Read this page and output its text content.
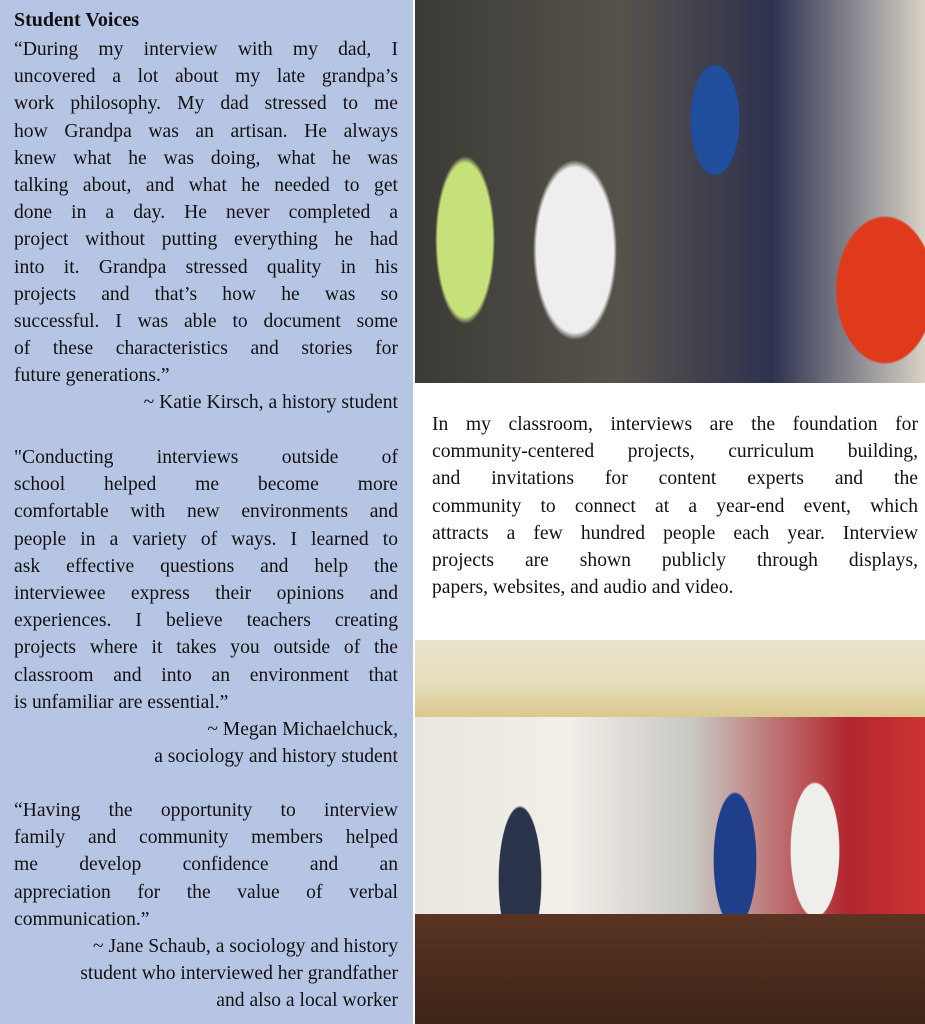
Student Voices
“During my interview with my dad, I
uncovered a lot about my late grandpa’s
work philosophy. My dad stressed to me
how Grandpa was an artisan. He always
knew what he was doing, what he was
talking about, and what he needed to get
done in a day. He never completed a
project without putting everything he had
into it. Grandpa stressed quality in his
projects and that’s how he was so
successful. I was able to document some
of these characteristics and stories for
future generations.”
~ Katie Kirsch, a history student
"Conducting interviews outside of
school helped me become more
comfortable with new environments and
people in a variety of ways. I learned to
ask effective questions and help the
interviewee express their opinions and
experiences. I believe teachers creating
projects where it takes you outside of the
classroom and into an environment that
is unfamiliar are essential.”
~ Megan Michaelchuck,
a sociology and history student
“Having the opportunity to interview
family and community members helped
me develop confidence and an
appreciation for the value of verbal
communication.”
~ Jane Schaub, a sociology and history
student who interviewed her grandfather
and also a local worker
In my classroom, interviews are the foundation for
community-centered projects, curriculum building,
and invitations for content experts and the
community to connect at a year-end event, which
attracts a few hundred people each year. Interview
projects are shown publicly through displays,
papers, websites, and audio and video.
